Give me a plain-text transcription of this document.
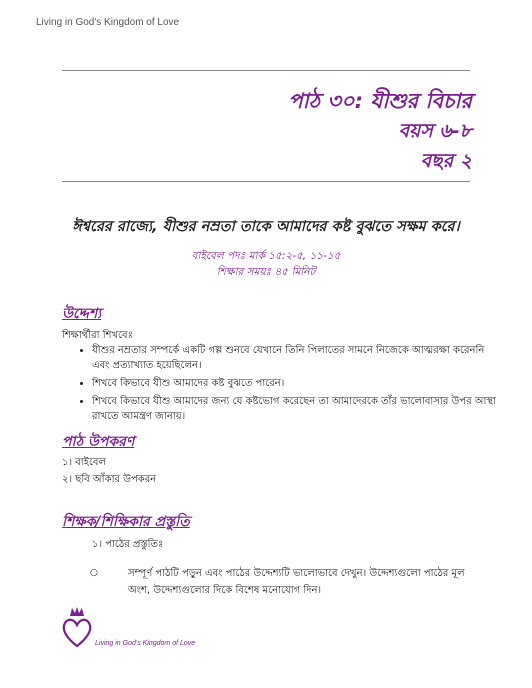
Living in God's Kingdom of Love
পাঠ ৩০: যীশুর বিচার
বয়স ৬-৮
বছর ২
ঈশ্বরের রাজ্যে, যীশুর নম্রতা তাকে আমাদের কষ্ট বুঝতে সক্ষম করে।
বাইবেল পদঃ মার্ক ১৫:২-৫, ১১-১৫
শিক্ষার সময়ঃ ৪৫ মিনিট
উদ্দেশ্য
শিক্ষার্থীরা শিখবেঃ
• যীশুর নম্রতার সম্পর্কে একটি গল্প শুনবে যেখানে তিনি পিলাতের সামনে নিজেকে আত্মরক্ষা করেননি এবং প্রত্যাখ্যাত হয়েছিলেন।
• শিখবে কিভাবে যীশু আমাদের কষ্ট বুঝতে পারেন।
• শিখবে কিভাবে যীশু আমাদের জন্য যে কষ্টভোগ করেছেন তা আমাদেরকে তাঁর ভালোবাসার উপর আস্থা রাখতে আমন্ত্রণ জানায়।
পাঠ উপকরণ
১। বাইবেল
২। ছবি আঁকার উপকরন
শিক্ষক/শিক্ষিকার প্রস্তুতি
১। পাঠের প্রস্তুতিঃ
○	সম্পূর্ণ পাঠটি পড়ুন এবং পাঠের উদ্দেশ্যটি ভালোভাবে দেখুন। উদ্দেশ্যগুলো পাঠের মূল অংশ, উদ্দেশ্যগুলোর দিকে বিশেষ মনোযোগ দিন।
Living in God's Kingdom of Love
